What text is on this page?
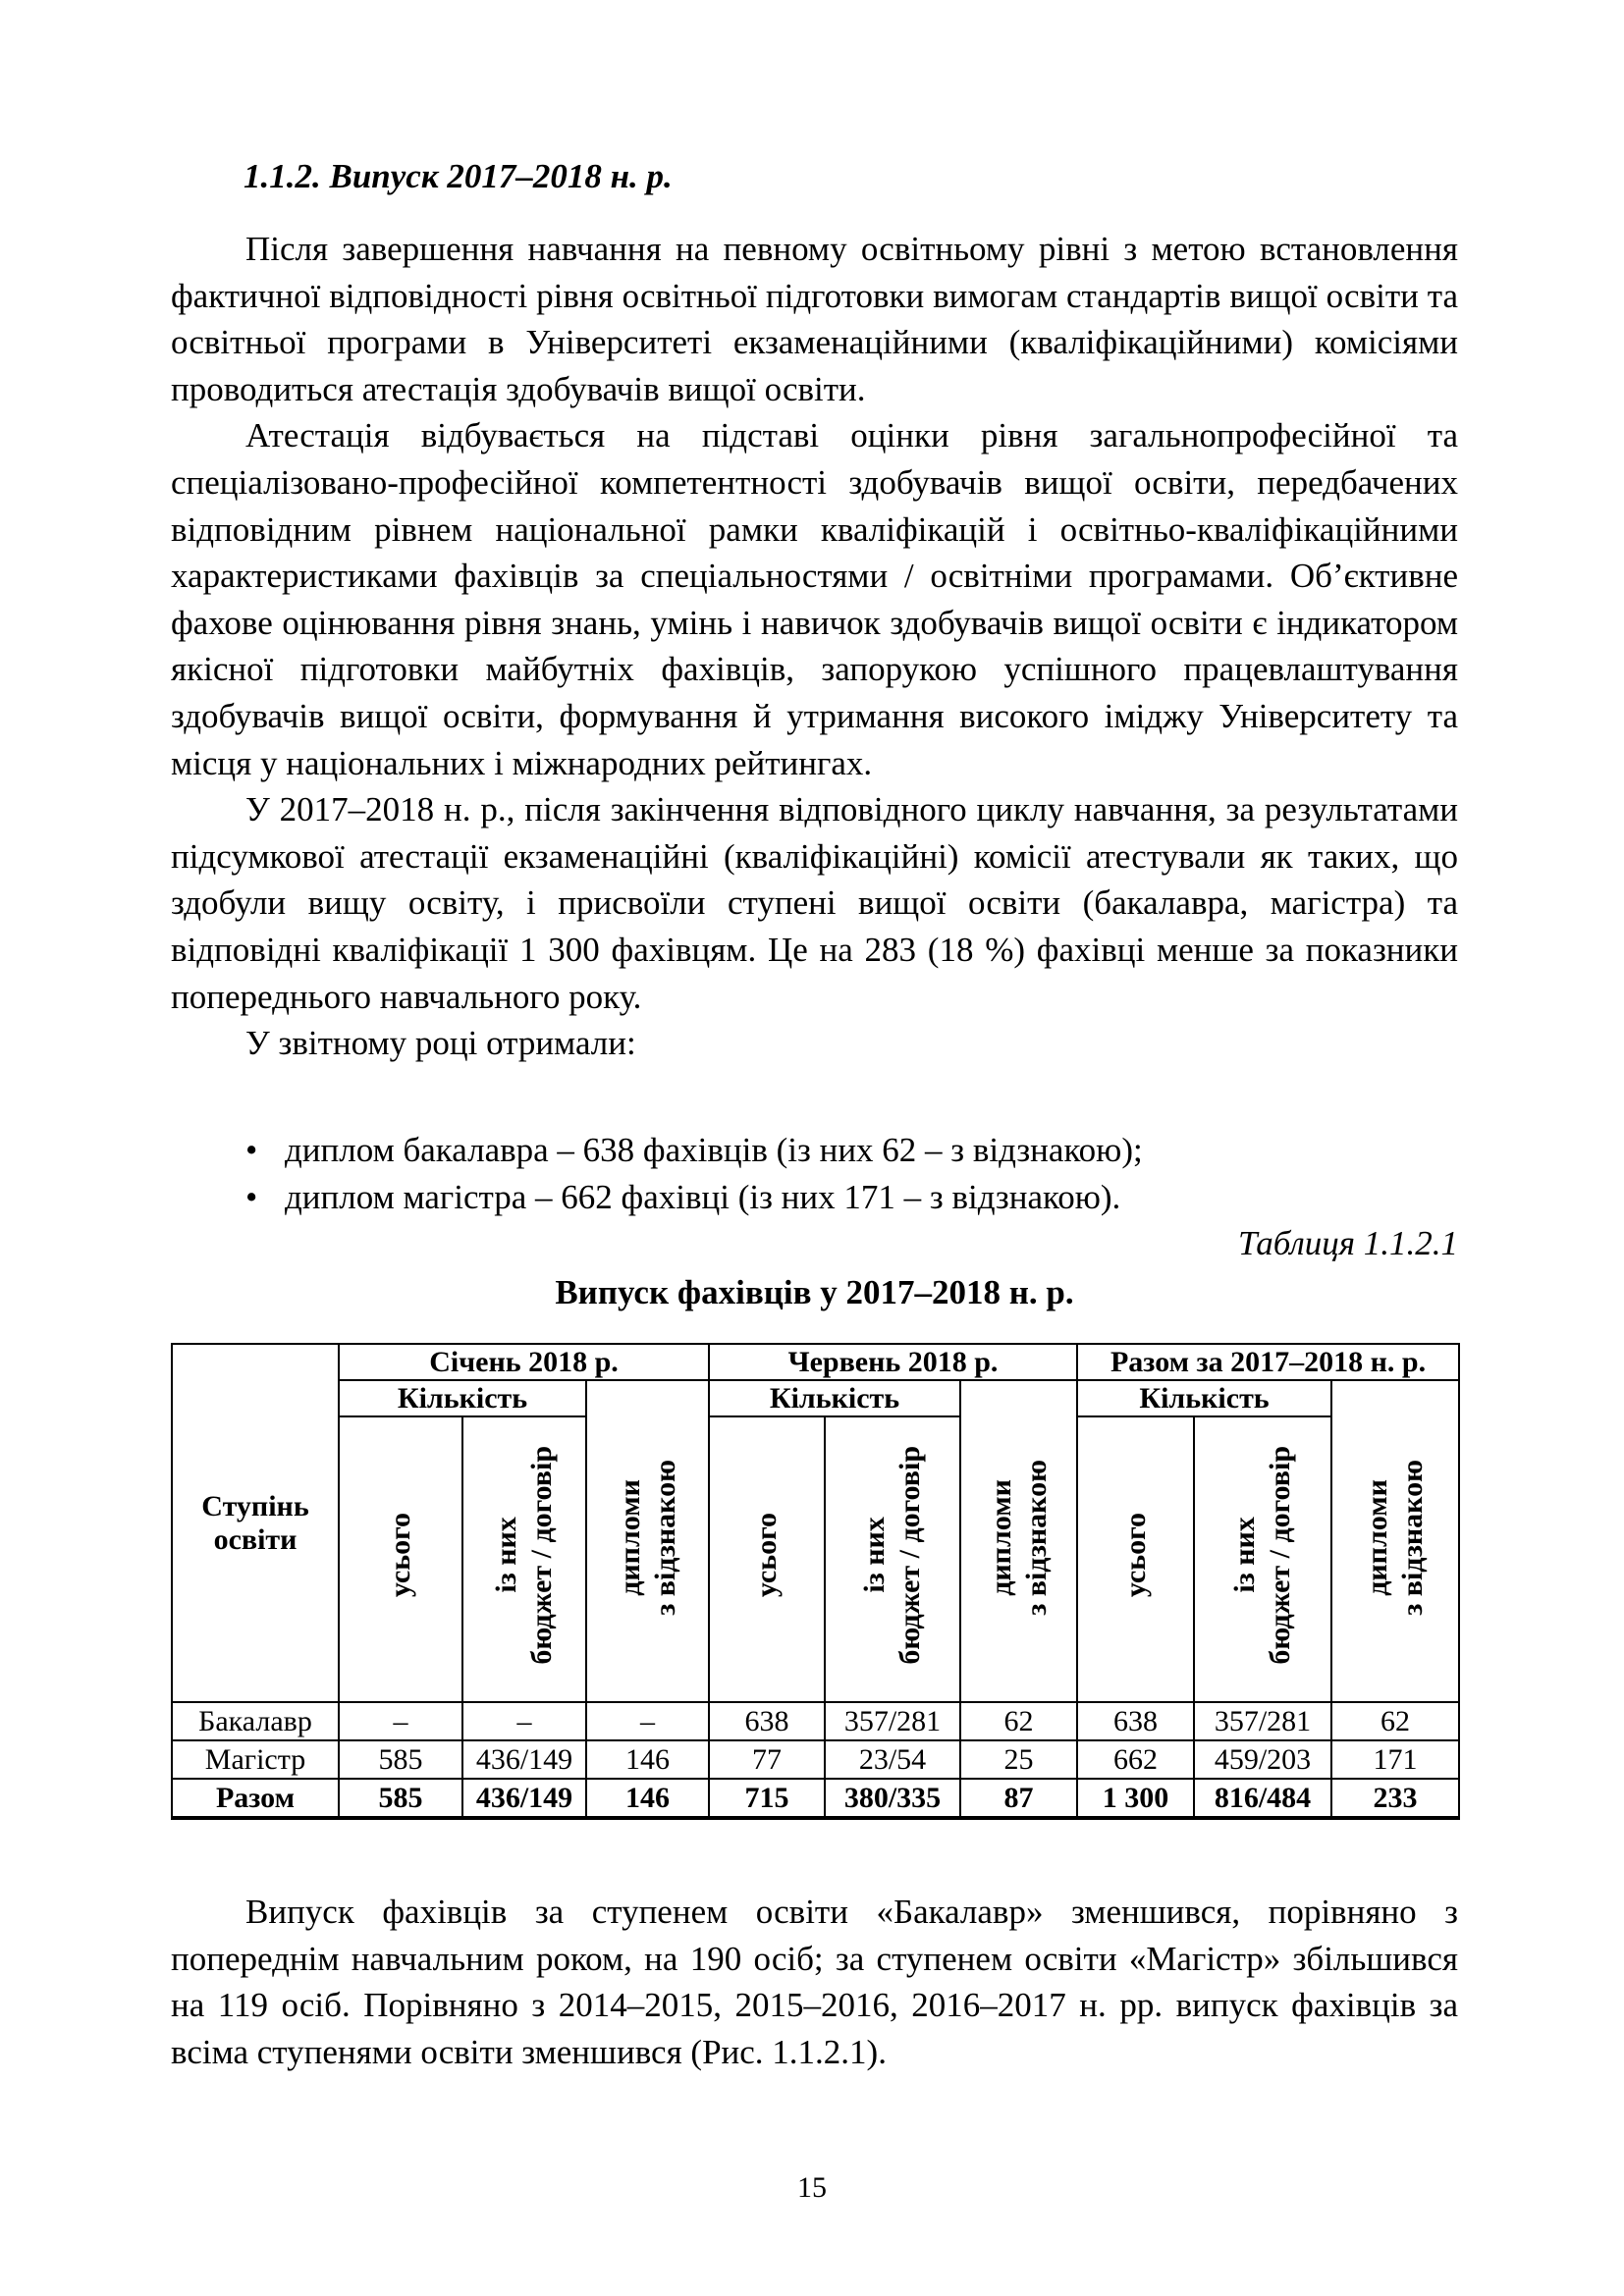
1.1.2. Випуск 2017–2018 н. р.

Після завершення навчання на певному освітньому рівні з метою встановлення фактичної відповідності рівня освітньої підготовки вимогам стандартів вищої освіти та освітньої програми в Університеті екзаменаційними (кваліфікаційними) комісіями проводиться атестація здобувачів вищої освіти.

Атестація відбувається на підставі оцінки рівня загальнопрофесійної та спеціалізовано-професійної компетентності здобувачів вищої освіти, передбачених відповідним рівнем національної рамки кваліфікацій і освітньо-кваліфікаційними характеристиками фахівців за спеціальностями / освітніми програмами. Об’єктивне фахове оцінювання рівня знань, умінь і навичок здобувачів вищої освіти є індикатором якісної підготовки майбутніх фахівців, запорукою успішного працевлаштування здобувачів вищої освіти, формування й утримання високого іміджу Університету та місця у національних і міжнародних рейтингах.

У 2017–2018 н. р., після закінчення відповідного циклу навчання, за результатами підсумкової атестації екзаменаційні (кваліфікаційні) комісії атестували як таких, що здобули вищу освіту, і присвоїли ступені вищої освіти (бакалавра, магістра) та відповідні кваліфікації 1 300 фахівцям. Це на 283 (18 %) фахівці менше за показники попереднього навчального року.

У звітному році отримали:

• диплом бакалавра – 638 фахівців (із них 62 – з відзнакою);
• диплом магістра – 662 фахівці (із них 171 – з відзнакою).

Таблиця 1.1.2.1

Випуск фахівців у 2017–2018 н. р.

Ступінь освіти	Січень 2018 р.			Червень 2018 р.			Разом за 2017–2018 н. р.		
	Кількість		дипломи з відзнакою	Кількість		дипломи з відзнакою	Кількість		дипломи з відзнакою

	усього	із них бюджет / договір		усього	із них бюджет / договір		усього	із них бюджет / договір	

Бакалавр	–	–	–	638	357/281	62	638	357/281	62
Магістр	585	436/149	146	77	23/54	25	662	459/203	171
Разом	585	436/149	146	715	380/335	87	1 300	816/484	233

Випуск фахівців за ступенем освіти «Бакалавр» зменшився, порівняно з попереднім навчальним роком, на 190 осіб; за ступенем освіти «Магістр» збільшився на 119 осіб. Порівняно з 2014–2015, 2015–2016, 2016–2017 н. рр. випуск фахівців за всіма ступенями освіти зменшився (Рис. 1.1.2.1).

15
